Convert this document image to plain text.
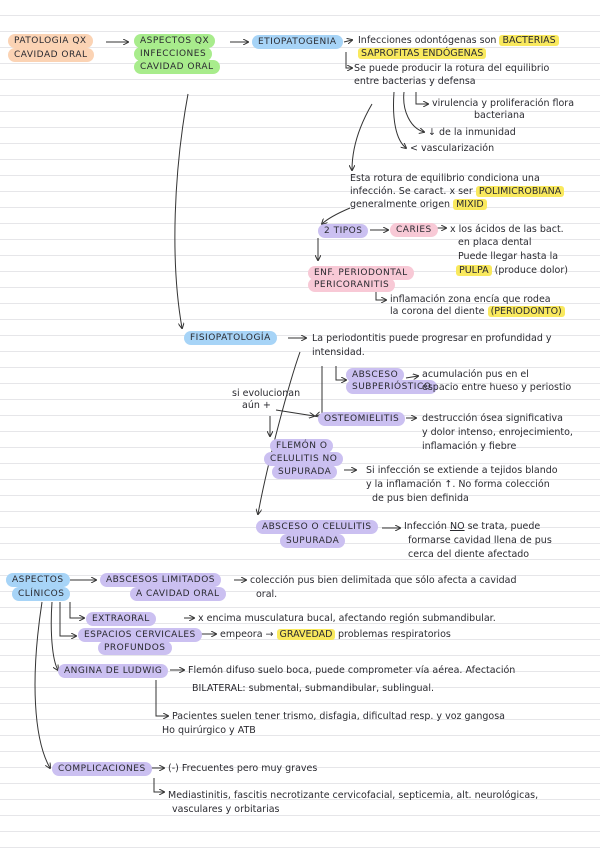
PATOLOGIA QX
CAVIDAD ORAL
ASPECTOS QX
INFECCIONES
CAVIDAD ORAL
ETIOPATOGENIA	Infecciones odontógenas son BACTERIAS
SAPROFITAS ENDÓGENAS
Se puede producir la rotura del equilibrio
entre bacterias y defensa
virulencia y proliferación flora
bacteriana
↓ de la inmunidad
< vascularización
Esta rotura de equilibrio condiciona una
infección. Se caract. x ser POLIMICROBIANA
generalmente origen MIXID
2 TIPOS	CARIES	x los ácidos de las bact.
en placa dental
Puede llegar hasta la
PULPA (produce dolor)
ENF. PERIODONTAL
PERICORANITIS
inflamación zona encía que rodea
la corona del diente (PERIODONTO)
FISIOPATOLOGÍA	La periodontitis puede progresar en profundidad y
intensidad.
ABSCESO
SUBPERIÓSTICO
acumulación pus en el
espacio entre hueso y periostio
si evolucionan
aún +
OSTEOMIELITIS	destrucción ósea significativa
y dolor intenso, enrojecimiento,
inflamación y fiebre
FLEMÓN O
CELULITIS NO
SUPURADA	Si infección se extiende a tejidos blando
y la inflamación ↑. No forma colección
de pus bien definida
ABSCESO O CELULITIS
SUPURADA
Infección NO se trata, puede
formarse cavidad llena de pus
cerca del diente afectado
ASPECTOS
CLÍNICOS
ABSCESOS LIMITADOS
A CAVIDAD ORAL
colección pus bien delimitada que sólo afecta a cavidad
oral.
EXTRAORAL	x encima musculatura bucal, afectando región submandibular.
ESPACIOS CERVICALES
PROFUNDOS
empeora → GRAVEDAD problemas respiratorios
ANGINA DE LUDWIG	Flemón difuso suelo boca, puede comprometer vía aérea. Afectación
BILATERAL: submental, submandibular, sublingual.
Pacientes suelen tener trismo, disfagia, dificultad resp. y voz gangosa
Ho quirúrgico y ATB
COMPLICACIONES	(-) Frecuentes pero muy graves
Mediastinitis, fascitis necrotizante cervicofacial, septicemia, alt. neurológicas,
vasculares y orbitarias
